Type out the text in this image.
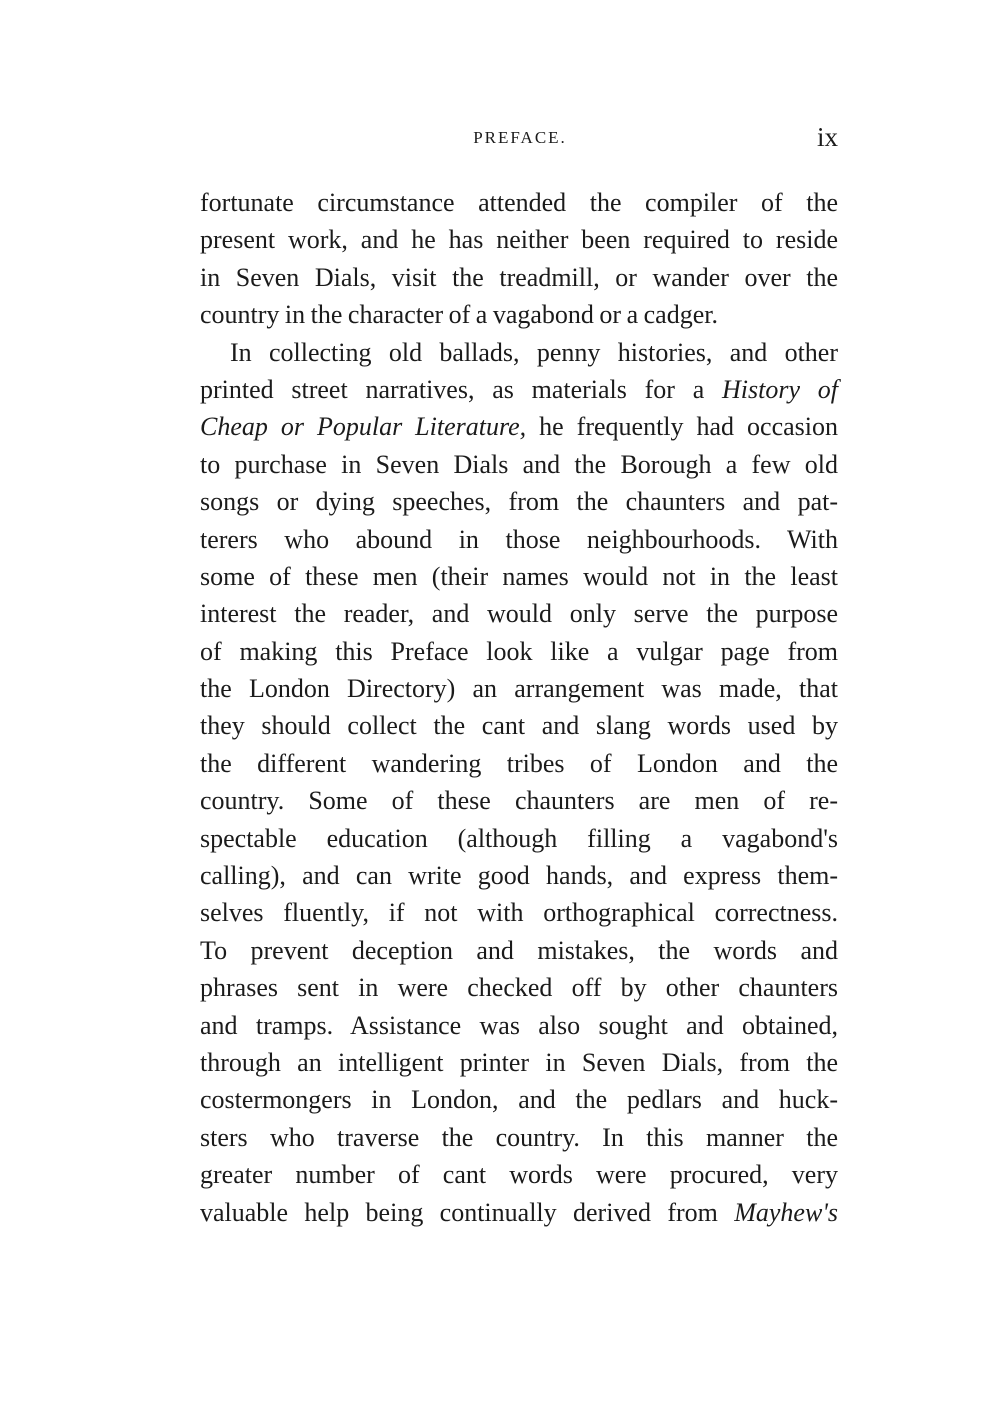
PREFACE.	ix
fortunate circumstance attended the compiler of the
present work, and he has neither been required to reside
in Seven Dials, visit the treadmill, or wander over the
country in the character of a vagabond or a cadger.
In collecting old ballads, penny histories, and other
printed street narratives, as materials for a History of
Cheap or Popular Literature, he frequently had occasion
to purchase in Seven Dials and the Borough a few old
songs or dying speeches, from the chaunters and pat-
terers who abound in those neighbourhoods. With
some of these men (their names would not in the least
interest the reader, and would only serve the purpose
of making this Preface look like a vulgar page from
the London Directory) an arrangement was made, that
they should collect the cant and slang words used by
the different wandering tribes of London and the
country. Some of these chaunters are men of re-
spectable education (although filling a vagabond's
calling), and can write good hands, and express them-
selves fluently, if not with orthographical correctness.
To prevent deception and mistakes, the words and
phrases sent in were checked off by other chaunters
and tramps. Assistance was also sought and obtained,
through an intelligent printer in Seven Dials, from the
costermongers in London, and the pedlars and huck-
sters who traverse the country. In this manner the
greater number of cant words were procured, very
valuable help being continually derived from Mayhew's
